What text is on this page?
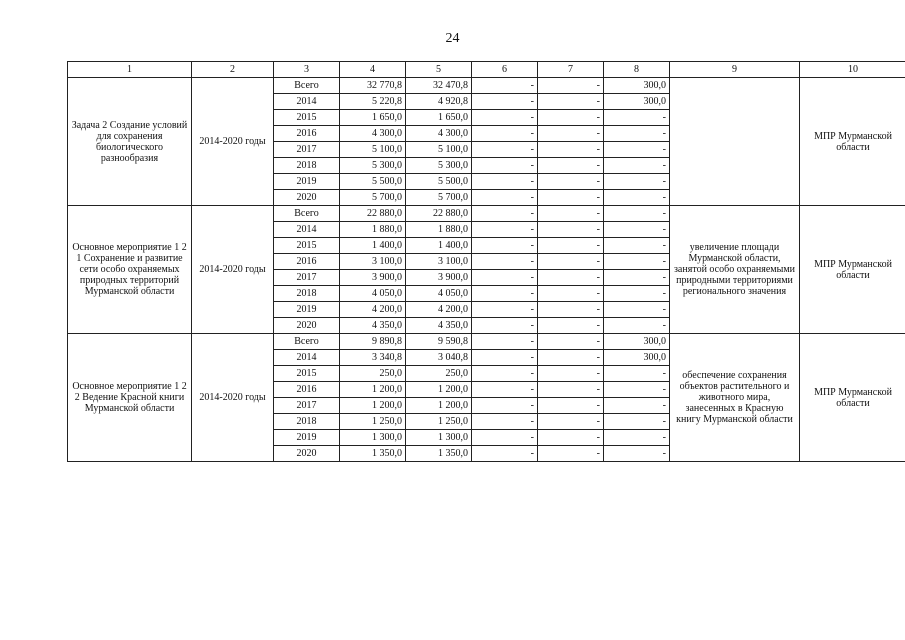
24
1	2	3	4	5	6	7	8	9	10
Задача 2 Создание условий для сохранения биологического разнообразия	2014-2020 годы	Всего	32 770,8	32 470,8	-	-	300,0		МПР Мурманской области
		2014	5 220,8	4 920,8	-	-	300,0		
		2015	1 650,0	1 650,0	-	-	-		
		2016	4 300,0	4 300,0	-	-	-		
		2017	5 100,0	5 100,0	-	-	-		
		2018	5 300,0	5 300,0	-	-	-		
		2019	5 500,0	5 500,0	-	-	-		
		2020	5 700,0	5 700,0	-	-	-		
Основное мероприятие 1 2 1 Сохранение и развитие сети особо охраняемых природных территорий Мурманской области	2014-2020 годы	Всего	22 880,0	22 880,0	-	-	-	увеличение площади Мурманской области, занятой особо охраняемыми природными территориями регионального значения	МПР Мурманской области
		2014	1 880,0	1 880,0	-	-	-		
		2015	1 400,0	1 400,0	-	-	-		
		2016	3 100,0	3 100,0	-	-	-		
		2017	3 900,0	3 900,0	-	-	-		
		2018	4 050,0	4 050,0	-	-	-		
		2019	4 200,0	4 200,0	-	-	-		
		2020	4 350,0	4 350,0	-	-	-		
Основное мероприятие 1 2 2 Ведение Красной книги Мурманской области	2014-2020 годы	Всего	9 890,8	9 590,8	-	-	300,0	обеспечение сохранения объектов растительного и животного мира, занесенных в Красную книгу Мурманской области	МПР Мурманской области
		2014	3 340,8	3 040,8	-	-	300,0		
		2015	250,0	250,0	-	-	-		
		2016	1 200,0	1 200,0	-	-	-		
		2017	1 200,0	1 200,0	-	-	-		
		2018	1 250,0	1 250,0	-	-	-		
		2019	1 300,0	1 300,0	-	-	-		
		2020	1 350,0	1 350,0	-	-	-		
